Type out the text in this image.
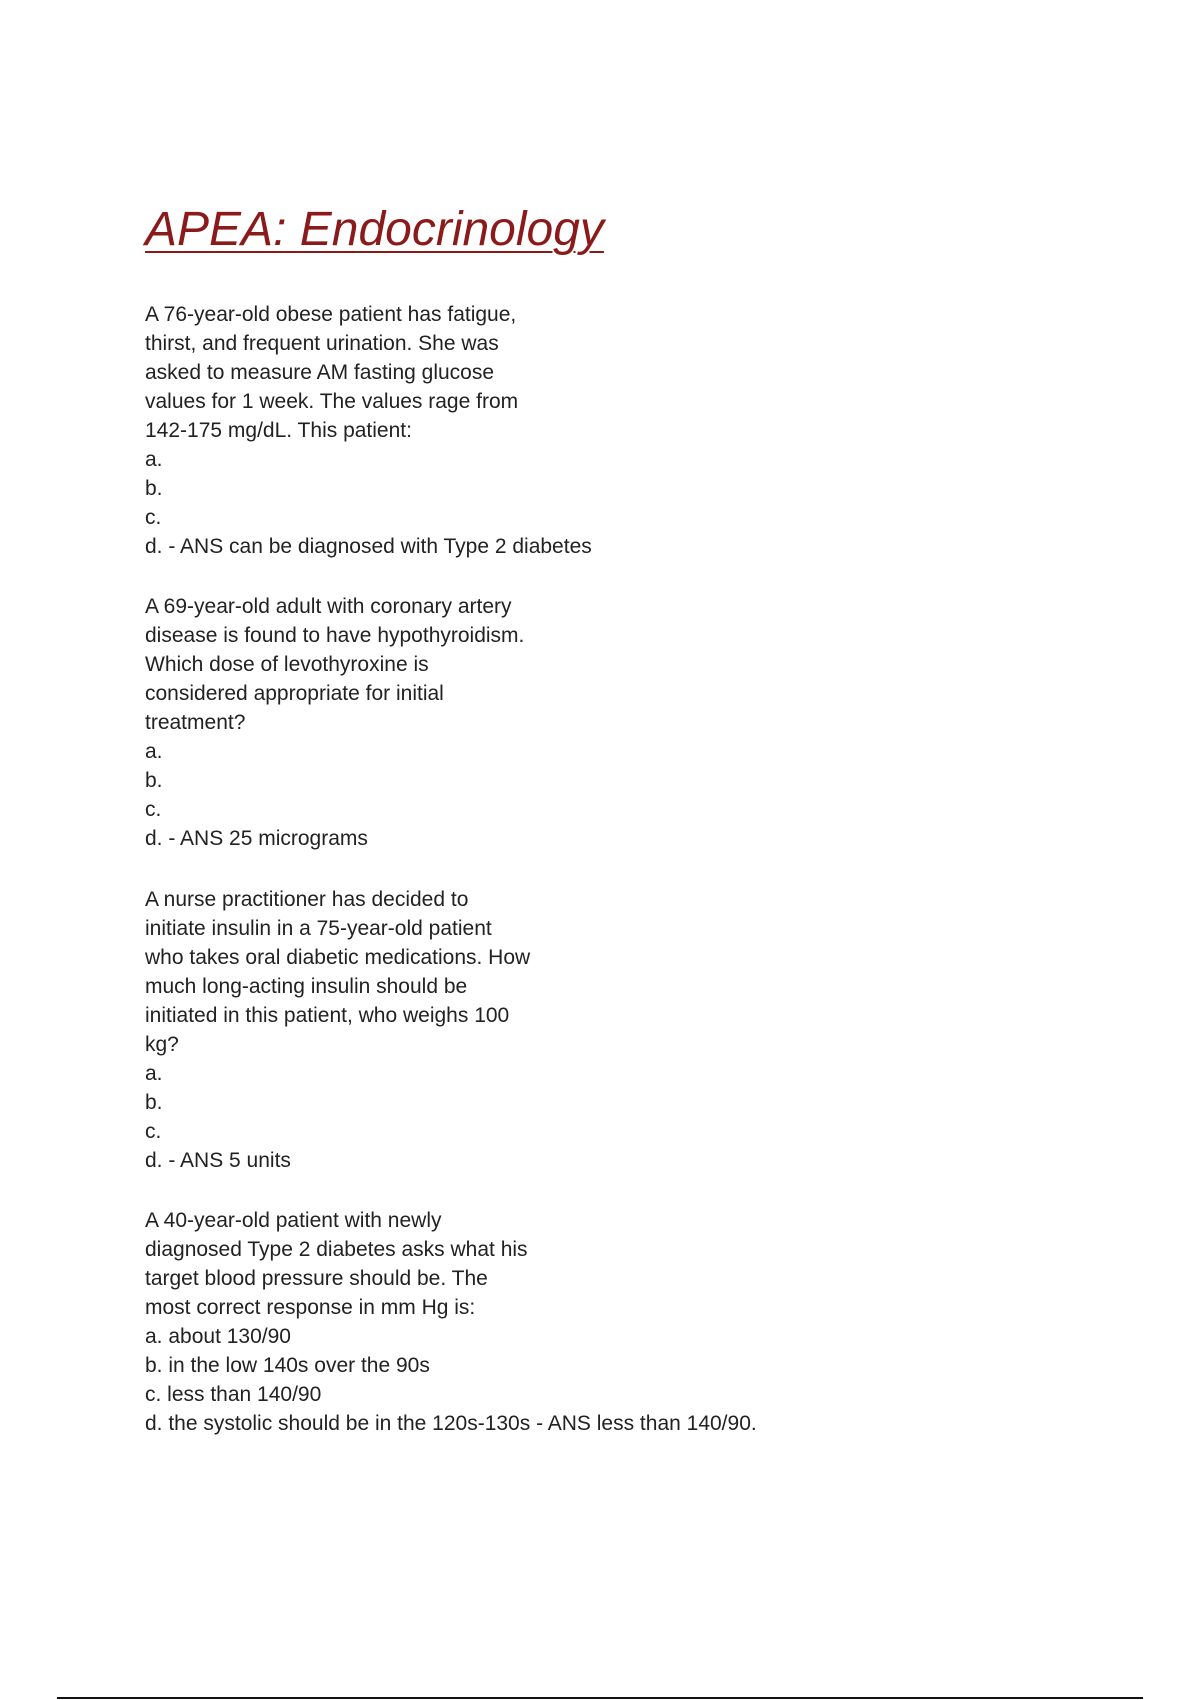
APEA: Endocrinology

A 76-year-old obese patient has fatigue,
thirst, and frequent urination. She was
asked to measure AM fasting glucose
values for 1 week. The values rage from
142-175 mg/dL. This patient:

a.

b.

c.

d. - ANS can be diagnosed with Type 2 diabetes

A 69-year-old adult with coronary artery
disease is found to have hypothyroidism.
Which dose of levothyroxine is
considered appropriate for initial
treatment?

a.

b.

c.

d. - ANS 25 micrograms

A nurse practitioner has decided to
initiate insulin in a 75-year-old patient
who takes oral diabetic medications. How
much long-acting insulin should be
initiated in this patient, who weighs 100
kg?

a.

b.

c.

d. - ANS 5 units

A 40-year-old patient with newly
diagnosed Type 2 diabetes asks what his
target blood pressure should be. The
most correct response in mm Hg is:

a. about 130/90

b. in the low 140s over the 90s

c. less than 140/90

d. the systolic should be in the 120s-130s - ANS less than 140/90.
